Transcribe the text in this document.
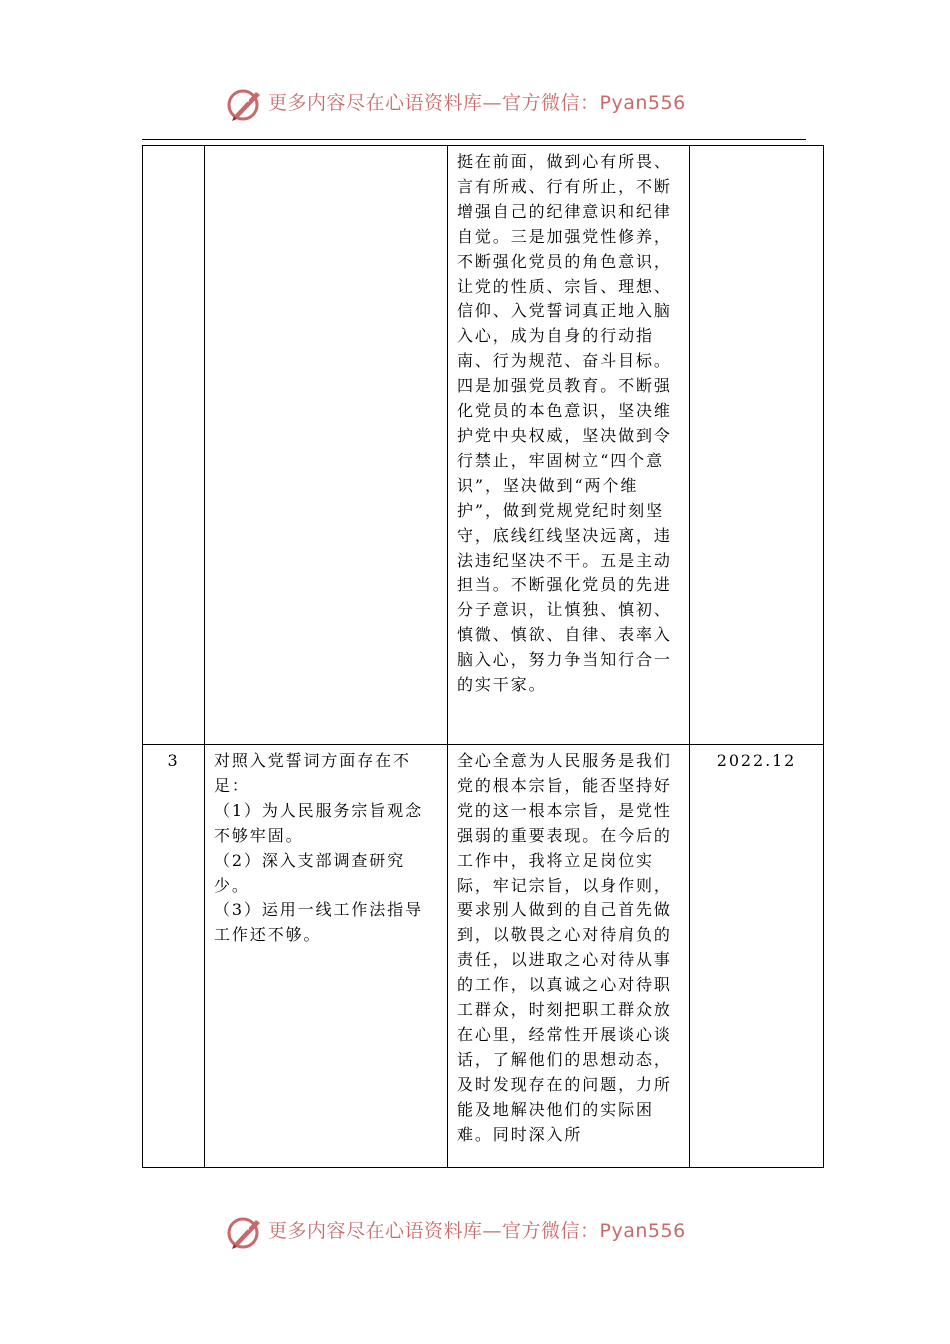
更多内容尽在心语资料库—官方微信：Pyan556
		挺在前面，做到心有所畏、言有所戒、行有所止，不断增强自己的纪律意识和纪律自觉。三是加强党性修养，不断强化党员的角色意识，让党的性质、宗旨、理想、信仰、入党誓词真正地入脑入心，成为自身的行动指南、行为规范、奋斗目标。四是加强党员教育。不断强化党员的本色意识，坚决维护党中央权威，坚决做到令行禁止，牢固树立“四个意识”，坚决做到“两个维护”，做到党规党纪时刻坚守，底线红线坚决远离，违法违纪坚决不干。五是主动担当。不断强化党员的先进分子意识，让慎独、慎初、慎微、慎欲、自律、表率入脑入心，努力争当知行合一的实干家。	
3	对照入党誓词方面存在不足：
（1）为人民服务宗旨观念不够牢固。
（2）深入支部调查研究少。
（3）运用一线工作法指导工作还不够。	全心全意为人民服务是我们党的根本宗旨，能否坚持好党的这一根本宗旨，是党性强弱的重要表现。在今后的工作中，我将立足岗位实际，牢记宗旨，以身作则，要求别人做到的自己首先做到，以敬畏之心对待肩负的责任，以进取之心对待从事的工作，以真诚之心对待职工群众，时刻把职工群众放在心里，经常性开展谈心谈话，了解他们的思想动态，及时发现存在的问题，力所能及地解决他们的实际困难。同时深入所	2022.12
更多内容尽在心语资料库—官方微信：Pyan556
